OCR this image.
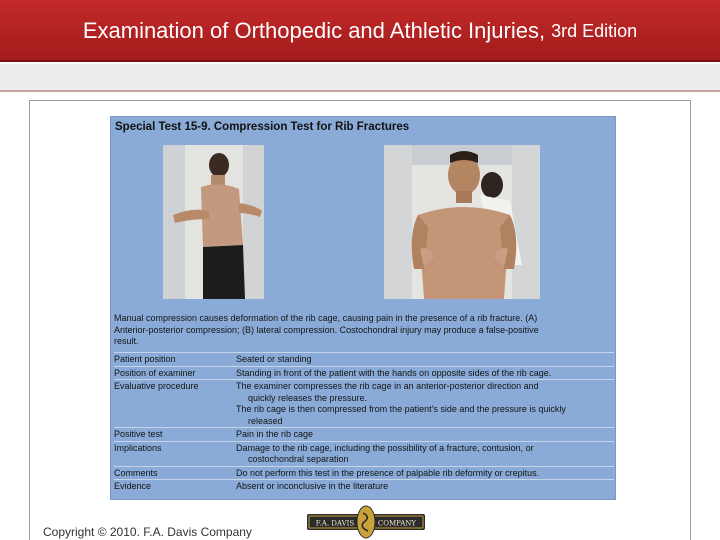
Examination of Orthopedic and Athletic Injuries, 3rd Edition
Special Test 15-9. Compression Test for Rib Fractures
Manual compression causes deformation of the rib cage, causing pain in the presence of a rib fracture. (A)
Anterior-posterior compression; (B) lateral compression. Costochondral injury may produce a false-positive
result.
Patient position	Seated or standing
Position of examiner	Standing in front of the patient with the hands on opposite sides of the rib cage.
Evaluative procedure	The examiner compresses the rib cage in an anterior-posterior direction and
quickly releases the pressure.
The rib cage is then compressed from the patient's side and the pressure is quickly
released
Positive test	Pain in the rib cage
Implications	Damage to the rib cage, including the possibility of a fracture, contusion, or
costochondral separation
Comments	Do not perform this test in the presence of palpable rib deformity or crepitus.
Evidence	Absent or inconclusive in the literature
Copyright © 2010. F.A. Davis Company
F.A. DAVIS	COMPANY
